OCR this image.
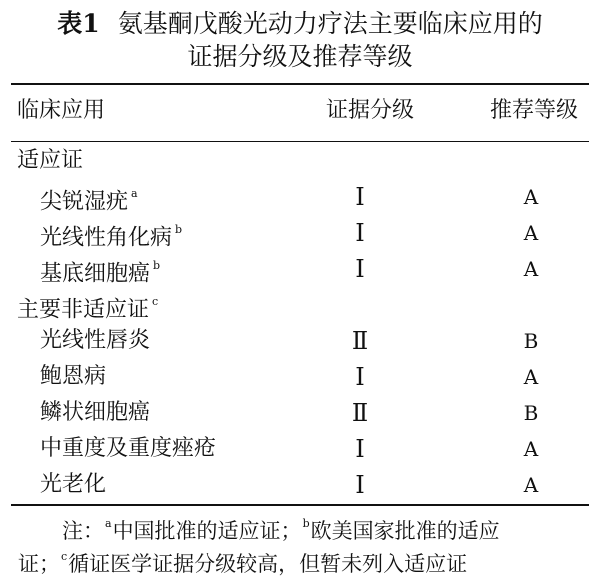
表1 氨基酮戊酸光动力疗法主要临床应用的
证据分级及推荐等级
临床应用	证据分级	推荐等级
适应证
尖锐湿疣 $^a$	Ⅰ	A
光线性角化病 $^b$	Ⅰ	A
基底细胞癌 $^b$	Ⅰ	A
主要非适应证 $^c$
光线性唇炎	Ⅱ	B
鲍恩病	Ⅰ	A
鳞状细胞癌	Ⅱ	B
中重度及重度痤疮	Ⅰ	A
光老化	Ⅰ	A
注：$^a$中国批准的适应证；$^b$欧美国家批准的适应
证；$^c$循证医学证据分级较高，但暂未列入适应证
